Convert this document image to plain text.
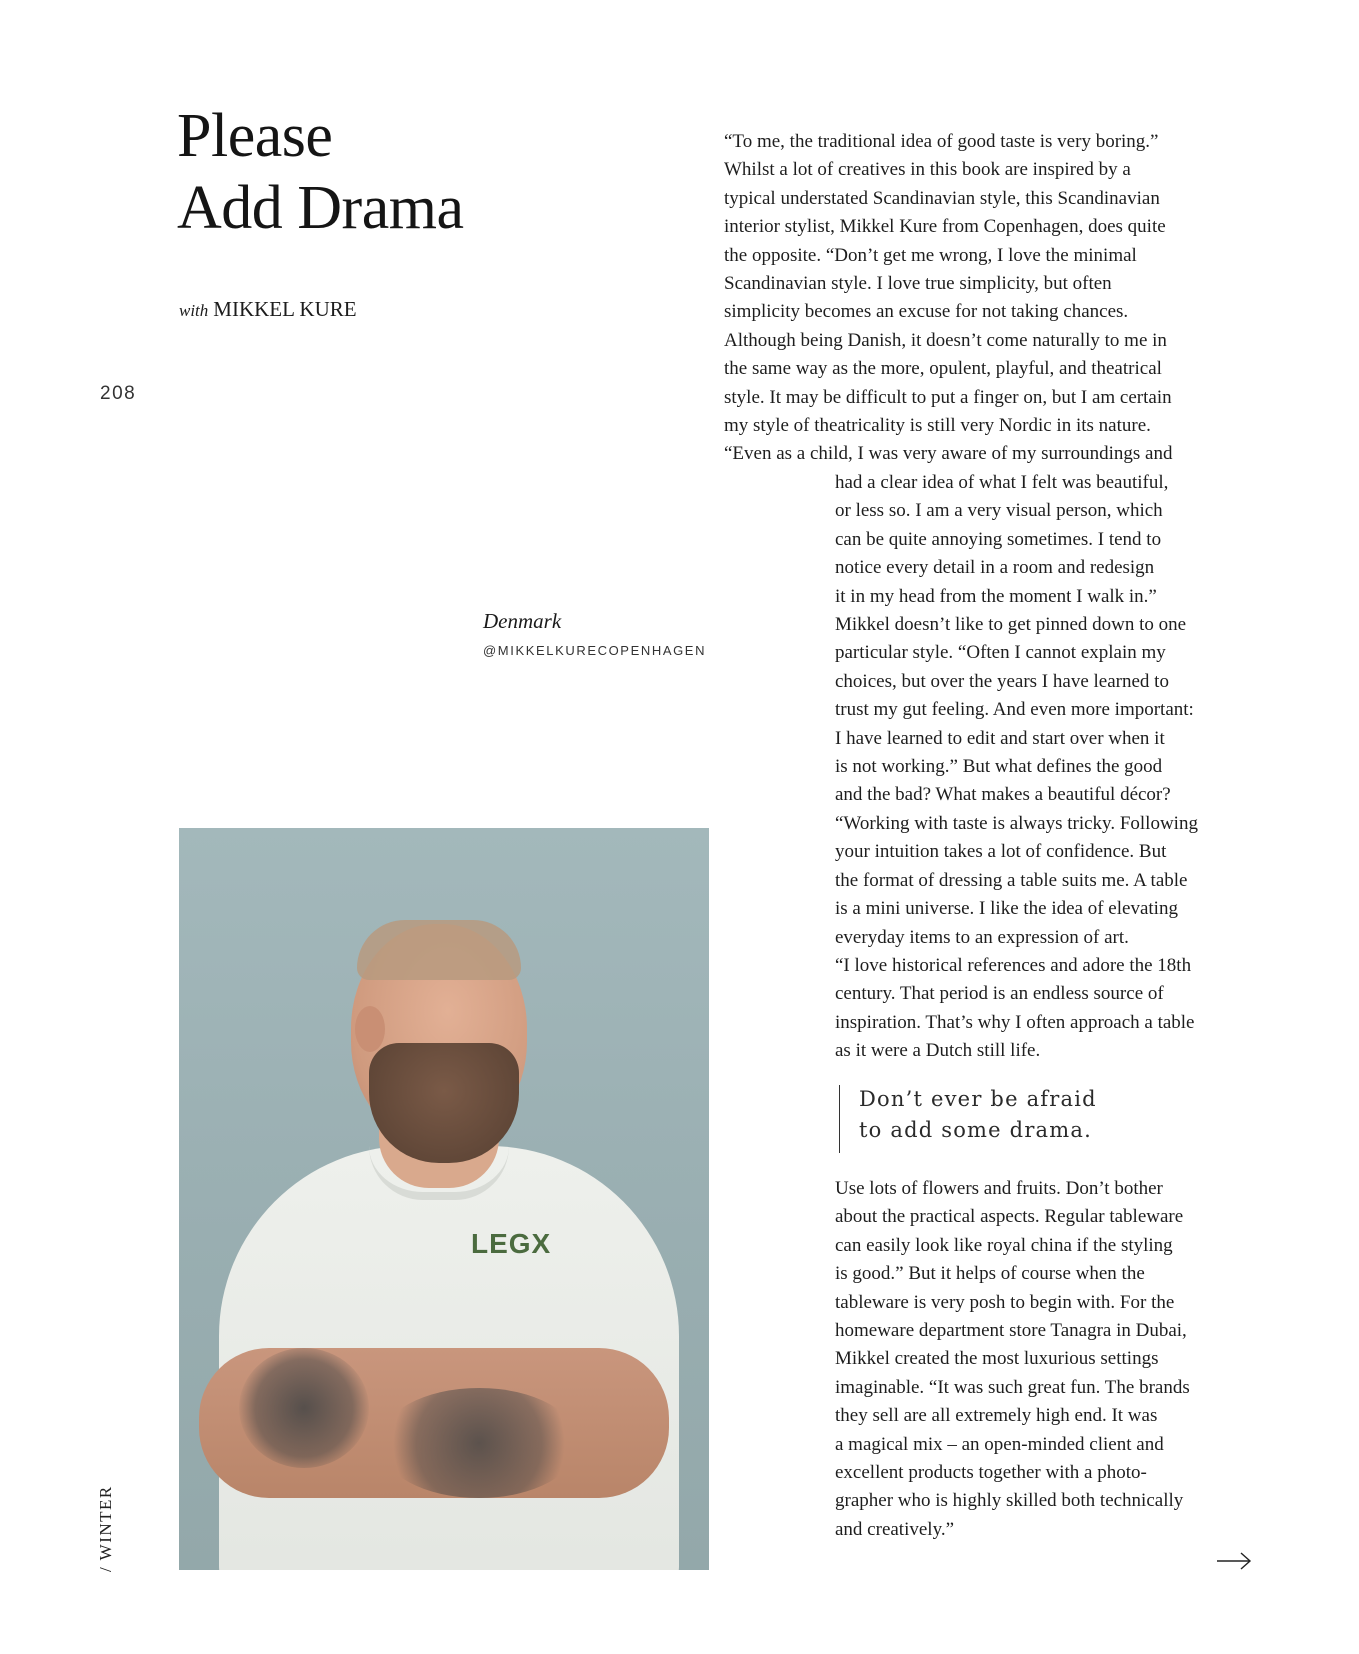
Please
Add Drama
with MIKKEL KURE
208
Denmark
@MIKKELKURECOPENHAGEN
LEGX
/ WINTER

“To me, the traditional idea of good taste is very boring.”
Whilst a lot of creatives in this book are inspired by a
typical understated Scandinavian style, this Scandinavian
interior stylist, Mikkel Kure from Copenhagen, does quite
the opposite. “Don’t get me wrong, I love the minimal
Scandinavian style. I love true simplicity, but often
simplicity becomes an excuse for not taking chances.
Although being Danish, it doesn’t come naturally to me in
the same way as the more, opulent, playful, and theatrical
style. It may be difficult to put a finger on, but I am certain
my style of theatricality is still very Nordic in its nature.
“Even as a child, I was very aware of my surroundings and

had a clear idea of what I felt was beautiful,
or less so. I am a very visual person, which
can be quite annoying sometimes. I tend to
notice every detail in a room and redesign
it in my head from the moment I walk in.”
Mikkel doesn’t like to get pinned down to one
particular style. “Often I cannot explain my
choices, but over the years I have learned to
trust my gut feeling. And even more important:
I have learned to edit and start over when it
is not working.” But what defines the good
and the bad? What makes a beautiful décor?
“Working with taste is always tricky. Following
your intuition takes a lot of confidence. But
the format of dressing a table suits me. A table
is a mini universe. I like the idea of elevating
everyday items to an expression of art.
“I love historical references and adore the 18th
century. That period is an endless source of
inspiration. That’s why I often approach a table
as it were a Dutch still life.

Don’t ever be afraid
to add some drama.

Use lots of flowers and fruits. Don’t bother
about the practical aspects. Regular tableware
can easily look like royal china if the styling
is good.” But it helps of course when the
tableware is very posh to begin with. For the
homeware department store Tanagra in Dubai,
Mikkel created the most luxurious settings
imaginable. “It was such great fun. The brands
they sell are all extremely high end. It was
a magical mix – an open-minded client and
excellent products together with a photo-
grapher who is highly skilled both technically
and creatively.”
